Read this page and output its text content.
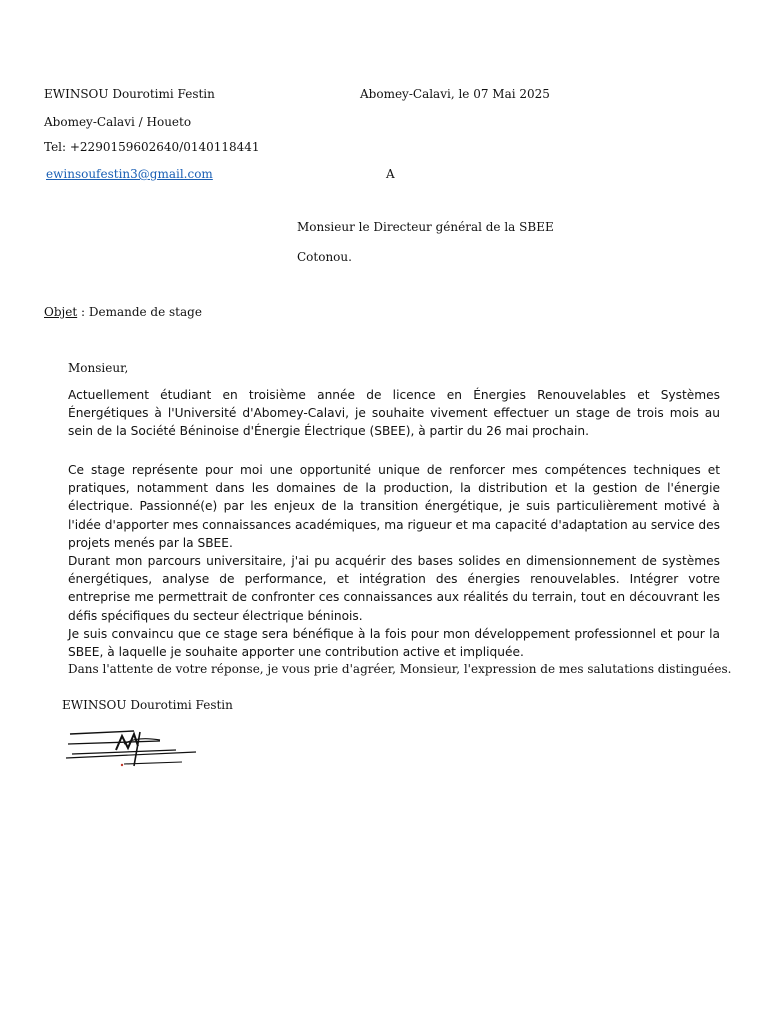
EWINSOU Dourotimi Festin	Abomey-Calavi, le 07 Mai 2025
Abomey-Calavi / Houeto
Tel: +2290159602640/0140118441
ewinsoufestin3@gmail.com	A
Monsieur le Directeur général de la SBEE
Cotonou.
Objet : Demande de stage
Monsieur,

Actuellement étudiant en troisième année de licence en Énergies Renouvelables et Systèmes Énergétiques à l'Université d'Abomey-Calavi, je souhaite vivement effectuer un stage de trois mois au sein de la Société Béninoise d'Énergie Électrique (SBEE), à partir du 26 mai prochain.

Ce stage représente pour moi une opportunité unique de renforcer mes compétences techniques et pratiques, notamment dans les domaines de la production, la distribution et la gestion de l'énergie électrique. Passionné(e) par les enjeux de la transition énergétique, je suis particulièrement motivé à l'idée d'apporter mes connaissances académiques, ma rigueur et ma capacité d'adaptation au service des projets menés par la SBEE.

Durant mon parcours universitaire, j'ai pu acquérir des bases solides en dimensionnement de systèmes énergétiques, analyse de performance, et intégration des énergies renouvelables. Intégrer votre entreprise me permettrait de confronter ces connaissances aux réalités du terrain, tout en découvrant les défis spécifiques du secteur électrique béninois.

Je suis convaincu que ce stage sera bénéfique à la fois pour mon développement professionnel et pour la SBEE, à laquelle je souhaite apporter une contribution active et impliquée.

Dans l'attente de votre réponse, je vous prie d'agréer, Monsieur, l'expression de mes salutations distinguées.
EWINSOU Dourotimi Festin
